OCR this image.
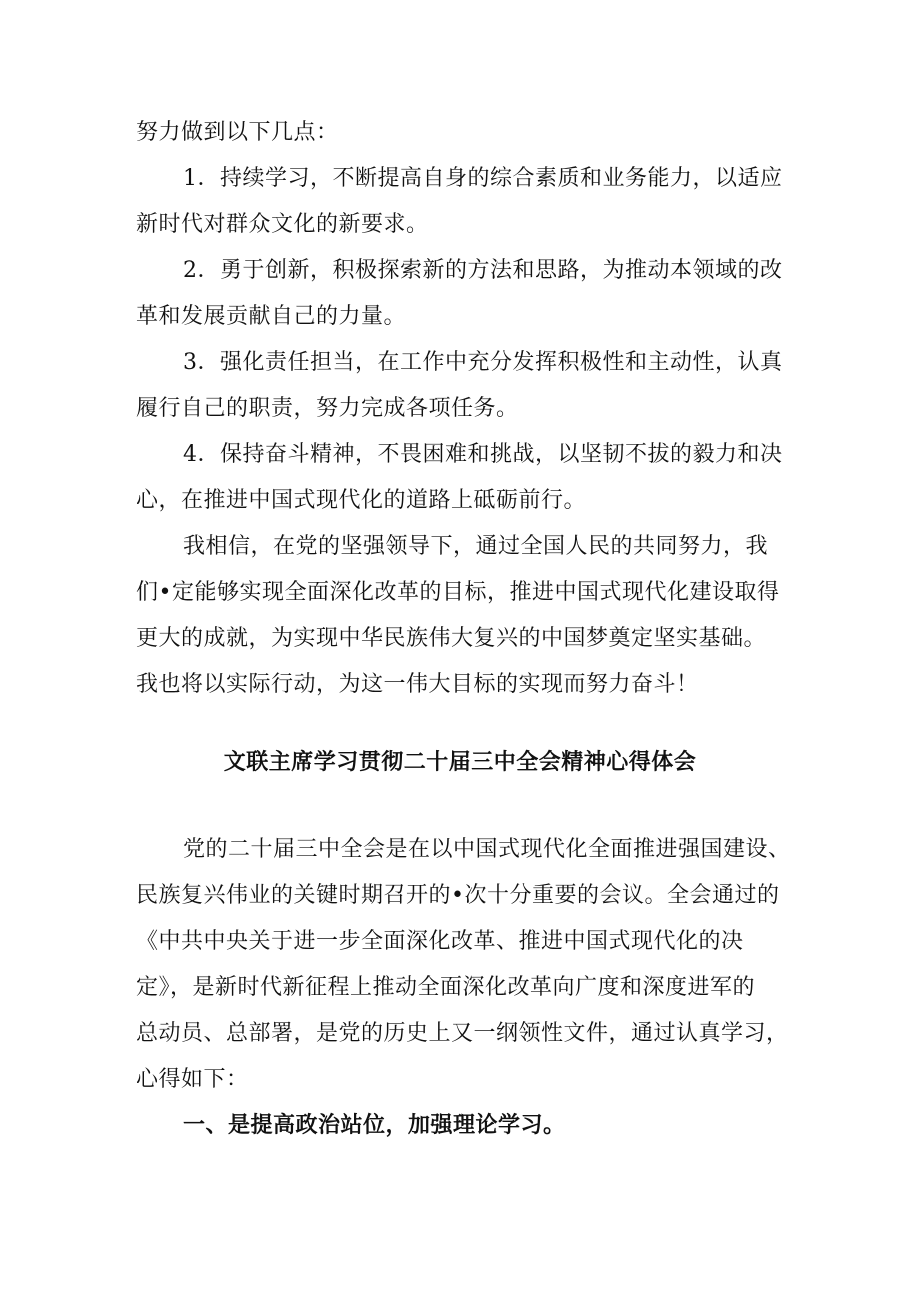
努力做到以下几点：
1．持续学习，不断提高自身的综合素质和业务能力，以适应
新时代对群众文化的新要求。
2．勇于创新，积极探索新的方法和思路，为推动本领域的改
革和发展贡献自己的力量。
3．强化责任担当，在工作中充分发挥积极性和主动性，认真
履行自己的职责，努力完成各项任务。
4．保持奋斗精神，不畏困难和挑战，以坚韧不拔的毅力和决
心，在推进中国式现代化的道路上砥砺前行。
我相信，在党的坚强领导下，通过全国人民的共同努力，我
们•定能够实现全面深化改革的目标，推进中国式现代化建设取得
更大的成就，为实现中华民族伟大复兴的中国梦奠定坚实基础。
我也将以实际行动，为这一伟大目标的实现而努力奋斗！
文联主席学习贯彻二十届三中全会精神心得体会
党的二十届三中全会是在以中国式现代化全面推进强国建设、
民族复兴伟业的关键时期召开的•次十分重要的会议。全会通过的
《中共中央关于进一步全面深化改革、推进中国式现代化的决
定》，是新时代新征程上推动全面深化改革向广度和深度进军的
总动员、总部署，是党的历史上又一纲领性文件，通过认真学习，
心得如下：
一、是提高政治站位，加强理论学习。
